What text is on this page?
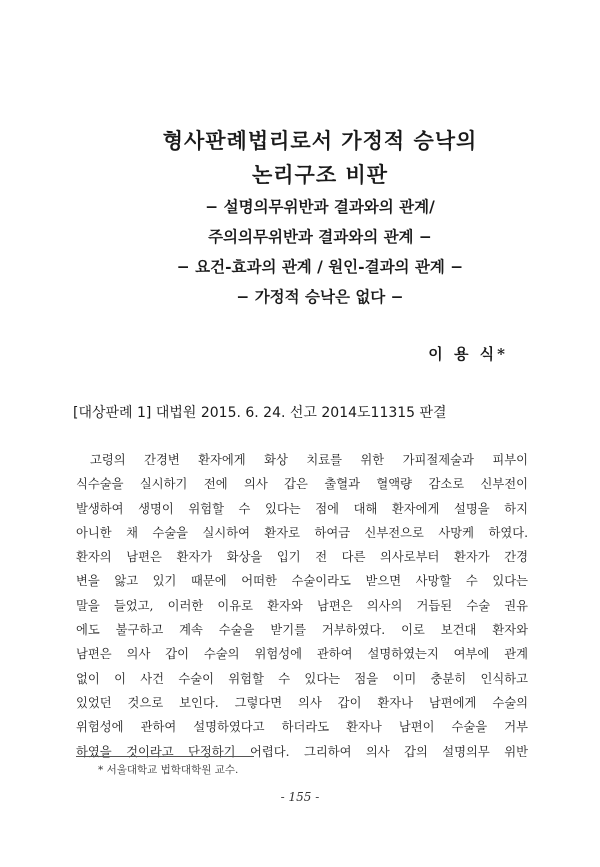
형사판례법리로서 가정적 승낙의
논리구조 비판
− 설명의무위반과 결과와의 관계/
주의의무위반과 결과와의 관계 −
− 요건-효과의 관계 / 원인-결과의 관계 −
− 가정적 승낙은 없다 −
이 용 식*
[대상판례 1] 대법원 2015. 6. 24. 선고 2014도11315 판결
고령의 간경변 환자에게 화상 치료를 위한 가피절제술과 피부이
식수술을 실시하기 전에 의사 갑은 출혈과 혈액량 감소로 신부전이
발생하여 생명이 위험할 수 있다는 점에 대해 환자에게 설명을 하지
아니한 채 수술을 실시하여 환자로 하여금 신부전으로 사망케 하였다.
환자의 남편은 환자가 화상을 입기 전 다른 의사로부터 환자가 간경
변을 앓고 있기 때문에 어떠한 수술이라도 받으면 사망할 수 있다는
말을 들었고, 이러한 이유로 환자와 남편은 의사의 거듭된 수술 권유
에도 불구하고 계속 수술을 받기를 거부하였다. 이로 보건대 환자와
남편은 의사 갑이 수술의 위험성에 관하여 설명하였는지 여부에 관계
없이 이 사건 수술이 위험할 수 있다는 점을 이미 충분히 인식하고
있었던 것으로 보인다. 그렇다면 의사 갑이 환자나 남편에게 수술의
위험성에 관하여 설명하였다고 하더라도 환자나 남편이 수술을 거부
하였을 것이라고 단정하기 어렵다. 그리하여 의사 갑의 설명의무 위반
* 서울대학교 법학대학원 교수.
- 155 -
